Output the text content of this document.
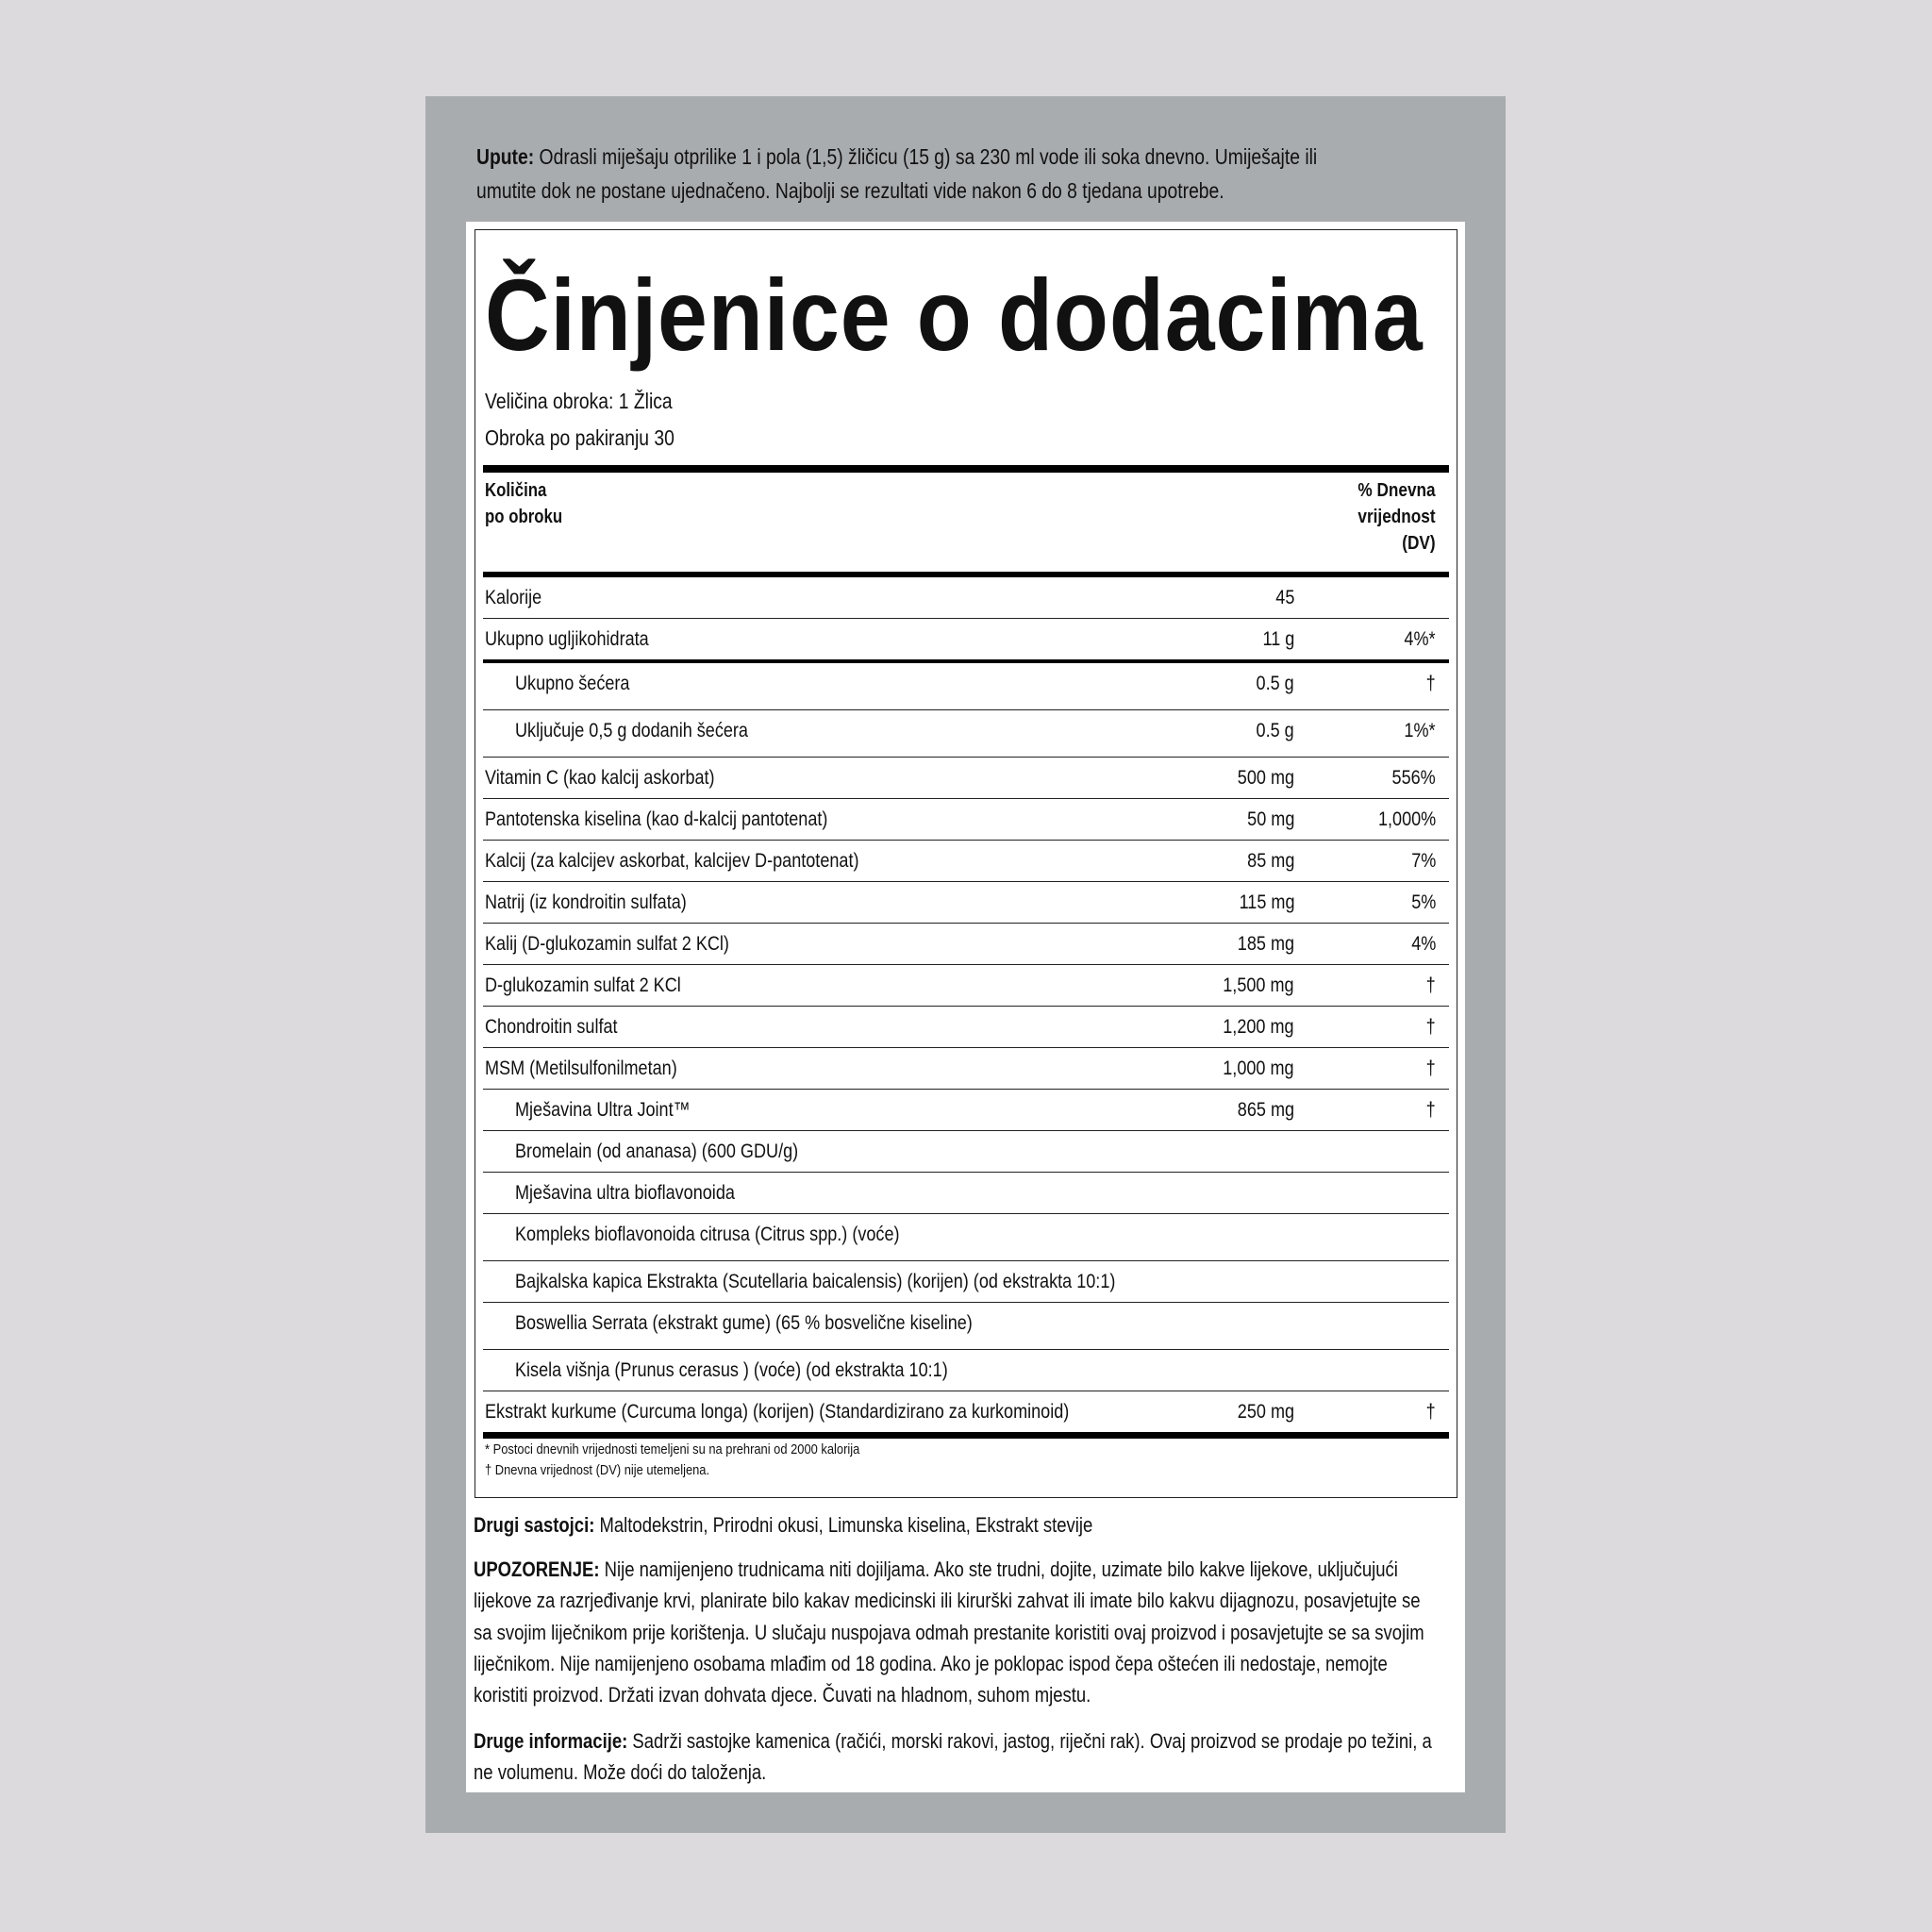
Upute: Odrasli miješaju otprilike 1 i pola (1,5) žličicu (15 g) sa 230 ml vode ili soka dnevno. Umiješajte ili
umutite dok ne postane ujednačeno. Najbolji se rezultati vide nakon 6 do 8 tjedana upotrebe.
Činjenice o dodacima
Veličina obroka: 1 Žlica
Obroka po pakiranju 30
Količina
po obroku
% Dnevna
vrijednost
(DV)
Kalorije	45
Ukupno ugljikohidrata	11 g	4%*
Ukupno šećera	0.5 g	†
Uključuje 0,5 g dodanih šećera	0.5 g	1%*
Vitamin C (kao kalcij askorbat)	500 mg	556%
Pantotenska kiselina (kao d-kalcij pantotenat)	50 mg	1,000%
Kalcij (za kalcijev askorbat, kalcijev D-pantotenat)	85 mg	7%
Natrij (iz kondroitin sulfata)	115 mg	5%
Kalij (D-glukozamin sulfat 2 KCl)	185 mg	4%
D-glukozamin sulfat 2 KCl	1,500 mg	†
Chondroitin sulfat	1,200 mg	†
MSM (Metilsulfonilmetan)	1,000 mg	†
Mješavina Ultra Joint™	865 mg	†
Bromelain (od ananasa) (600 GDU/g)
Mješavina ultra bioflavonoida
Kompleks bioflavonoida citrusa (Citrus spp.) (voće)
Bajkalska kapica Ekstrakta (Scutellaria baicalensis) (korijen) (od ekstrakta 10:1)
Boswellia Serrata (ekstrakt gume) (65 % bosvelične kiseline)
Kisela višnja (Prunus cerasus ) (voće) (od ekstrakta 10:1)
Ekstrakt kurkume (Curcuma longa) (korijen) (Standardizirano za kurkominoid)	250 mg	†
* Postoci dnevnih vrijednosti temeljeni su na prehrani od 2000 kalorija
† Dnevna vrijednost (DV) nije utemeljena.
Drugi sastojci: Maltodekstrin, Prirodni okusi, Limunska kiselina, Ekstrakt stevije
UPOZORENJE: Nije namijenjeno trudnicama niti dojiljama. Ako ste trudni, dojite, uzimate bilo kakve lijekove, uključujući lijekove za razrjeđivanje krvi, planirate bilo kakav medicinski ili kirurški zahvat ili imate bilo kakvu dijagnozu, posavjetujte se sa svojim liječnikom prije korištenja. U slučaju nuspojava odmah prestanite koristiti ovaj proizvod i posavjetujte se sa svojim liječnikom. Nije namijenjeno osobama mlađim od 18 godina. Ako je poklopac ispod čepa oštećen ili nedostaje, nemojte koristiti proizvod. Držati izvan dohvata djece. Čuvati na hladnom, suhom mjestu.
Druge informacije: Sadrži sastojke kamenica (račići, morski rakovi, jastog, riječni rak). Ovaj proizvod se prodaje po težini, a ne volumenu. Može doći do taloženja.
